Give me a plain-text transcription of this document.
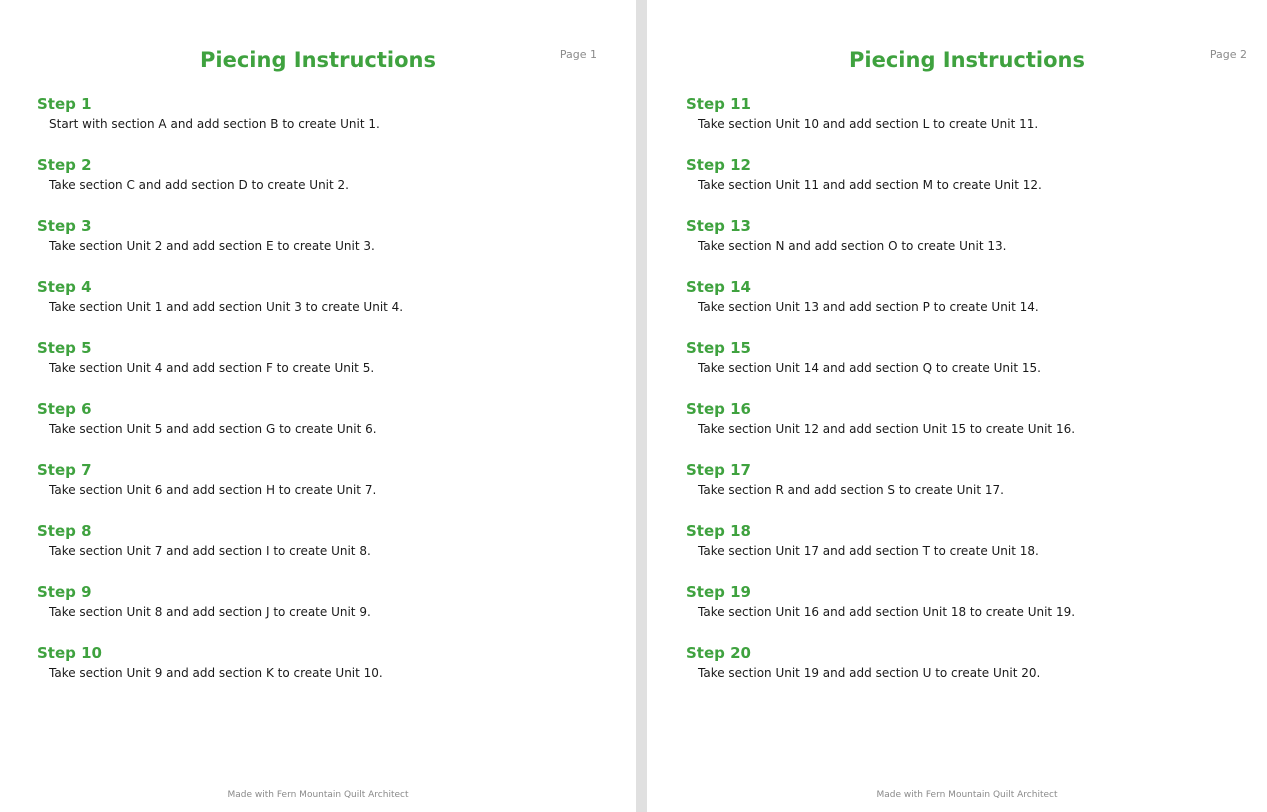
Piecing Instructions	Page 1
Step 1
Start with section A and add section B to create Unit 1.
Step 2
Take section C and add section D to create Unit 2.
Step 3
Take section Unit 2 and add section E to create Unit 3.
Step 4
Take section Unit 1 and add section Unit 3 to create Unit 4.
Step 5
Take section Unit 4 and add section F to create Unit 5.
Step 6
Take section Unit 5 and add section G to create Unit 6.
Step 7
Take section Unit 6 and add section H to create Unit 7.
Step 8
Take section Unit 7 and add section I to create Unit 8.
Step 9
Take section Unit 8 and add section J to create Unit 9.
Step 10
Take section Unit 9 and add section K to create Unit 10.
Made with Fern Mountain Quilt Architect
Piecing Instructions	Page 2
Step 11
Take section Unit 10 and add section L to create Unit 11.
Step 12
Take section Unit 11 and add section M to create Unit 12.
Step 13
Take section N and add section O to create Unit 13.
Step 14
Take section Unit 13 and add section P to create Unit 14.
Step 15
Take section Unit 14 and add section Q to create Unit 15.
Step 16
Take section Unit 12 and add section Unit 15 to create Unit 16.
Step 17
Take section R and add section S to create Unit 17.
Step 18
Take section Unit 17 and add section T to create Unit 18.
Step 19
Take section Unit 16 and add section Unit 18 to create Unit 19.
Step 20
Take section Unit 19 and add section U to create Unit 20.
Made with Fern Mountain Quilt Architect
